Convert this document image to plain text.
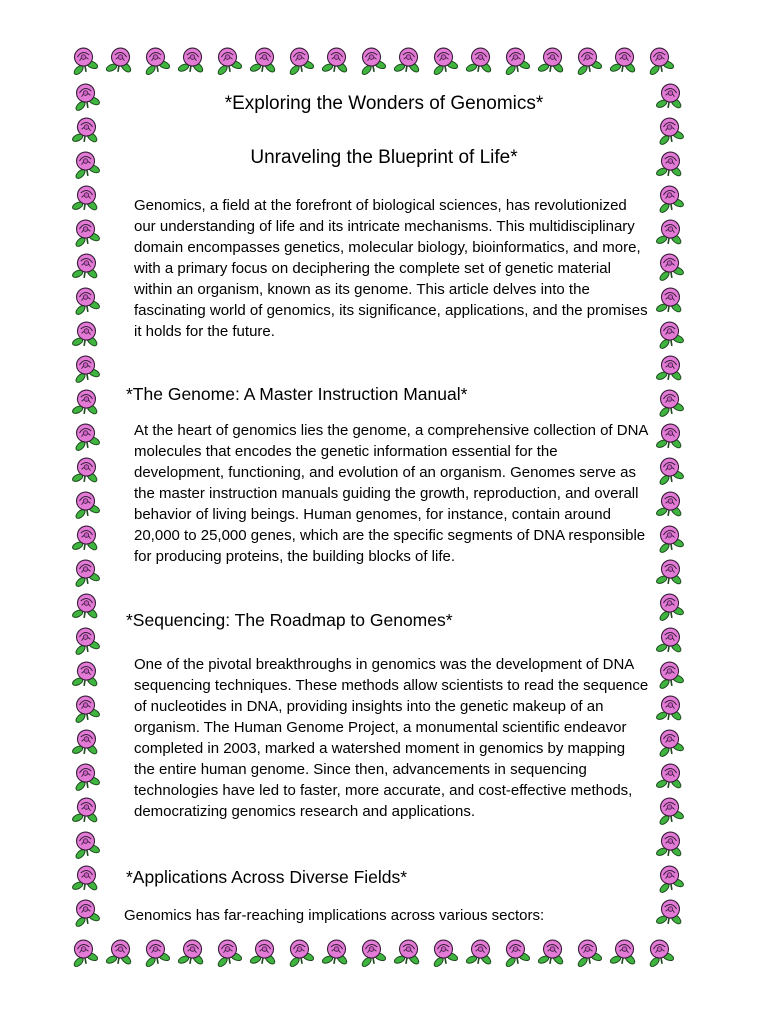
*Exploring the Wonders of Genomics*
Unraveling the Blueprint of Life*

Genomics, a field at the forefront of biological sciences, has revolutionized our understanding of life and its intricate mechanisms. This multidisciplinary domain encompasses genetics, molecular biology, bioinformatics, and more, with a primary focus on deciphering the complete set of genetic material within an organism, known as its genome. This article delves into the fascinating world of genomics, its significance, applications, and the promises it holds for the future.

*The Genome: A Master Instruction Manual*

At the heart of genomics lies the genome, a comprehensive collection of DNA molecules that encodes the genetic information essential for the development, functioning, and evolution of an organism. Genomes serve as the master instruction manuals guiding the growth, reproduction, and overall behavior of living beings. Human genomes, for instance, contain around 20,000 to 25,000 genes, which are the specific segments of DNA responsible for producing proteins, the building blocks of life.

*Sequencing: The Roadmap to Genomes*

One of the pivotal breakthroughs in genomics was the development of DNA sequencing techniques. These methods allow scientists to read the sequence of nucleotides in DNA, providing insights into the genetic makeup of an organism. The Human Genome Project, a monumental scientific endeavor completed in 2003, marked a watershed moment in genomics by mapping the entire human genome. Since then, advancements in sequencing technologies have led to faster, more accurate, and cost-effective methods, democratizing genomics research and applications.

*Applications Across Diverse Fields*

Genomics has far-reaching implications across various sectors:
